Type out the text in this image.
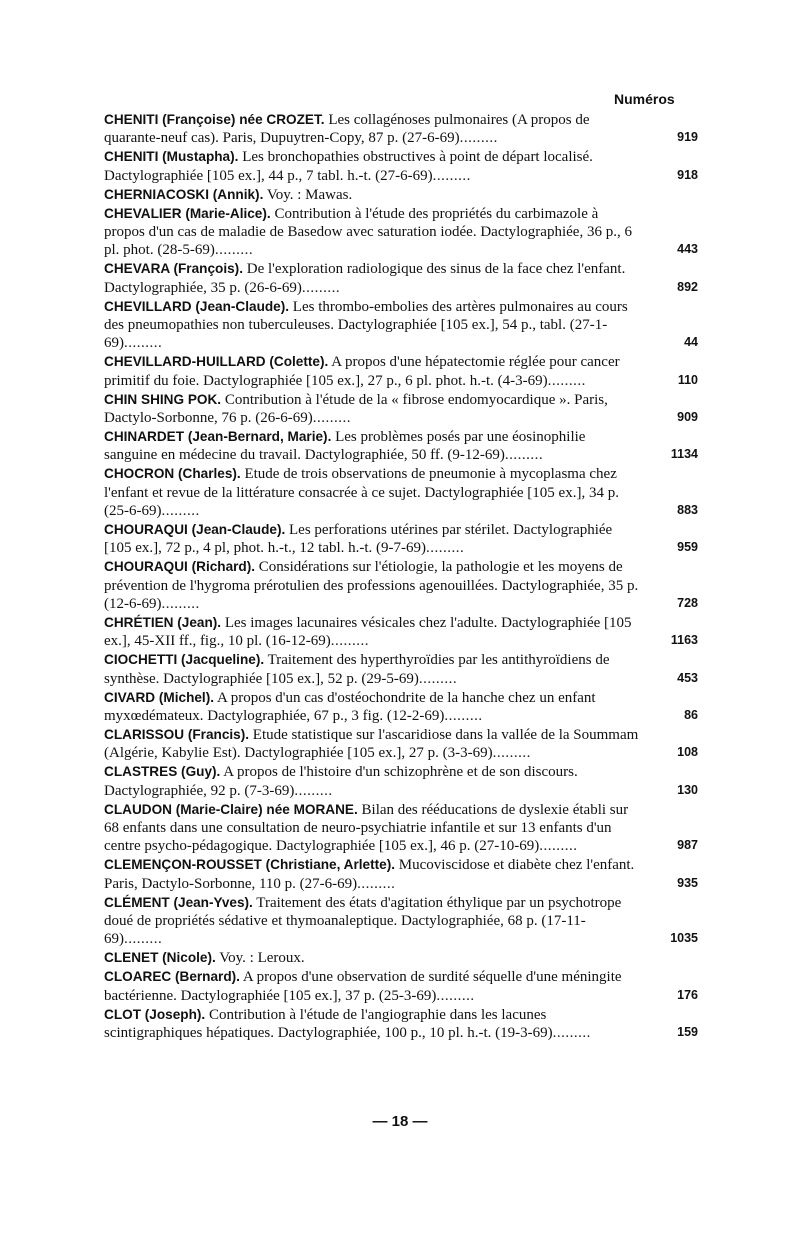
Numéros
CHENITI (Françoise) née CROZET. Les collagénoses pulmonaires (A propos de quarante-neuf cas). Paris, Dupuytren-Copy, 87 p. (27-6-69).........	919
CHENITI (Mustapha). Les bronchopathies obstructives à point de départ localisé. Dactylographiée [105 ex.], 44 p., 7 tabl. h.-t. (27-6-69).........	918
CHERNIACOSKI (Annik). Voy. : Mawas.
CHEVALIER (Marie-Alice). Contribution à l'étude des propriétés du carbimazole à propos d'un cas de maladie de Basedow avec saturation iodée. Dactylographiée, 36 p., 6 pl. phot. (28-5-69).........	443
CHEVARA (François). De l'exploration radiologique des sinus de la face chez l'enfant. Dactylographiée, 35 p. (26-6-69).........	892
CHEVILLARD (Jean-Claude). Les thrombo-embolies des artères pulmonaires au cours des pneumopathies non tuberculeuses. Dactylographiée [105 ex.], 54 p., tabl. (27-1-69).........	44
CHEVILLARD-HUILLARD (Colette). A propos d'une hépatectomie réglée pour cancer primitif du foie. Dactylographiée [105 ex.], 27 p., 6 pl. phot. h.-t. (4-3-69).........	110
CHIN SHING POK. Contribution à l'étude de la « fibrose endomyocardique ». Paris, Dactylo-Sorbonne, 76 p. (26-6-69).........	909
CHINARDET (Jean-Bernard, Marie). Les problèmes posés par une éosinophilie sanguine en médecine du travail. Dactylographiée, 50 ff. (9-12-69).........	1134
CHOCRON (Charles). Etude de trois observations de pneumonie à mycoplasma chez l'enfant et revue de la littérature consacrée à ce sujet. Dactylographiée [105 ex.], 34 p. (25-6-69).........	883
CHOURAQUI (Jean-Claude). Les perforations utérines par stérilet. Dactylographiée [105 ex.], 72 p., 4 pl, phot. h.-t., 12 tabl. h.-t. (9-7-69).........	959
CHOURAQUI (Richard). Considérations sur l'étiologie, la pathologie et les moyens de prévention de l'hygroma prérotulien des professions agenouillées. Dactylographiée, 35 p. (12-6-69).........	728
CHRÉTIEN (Jean). Les images lacunaires vésicales chez l'adulte. Dactylographiée [105 ex.], 45-XII ff., fig., 10 pl. (16-12-69).........	1163
CIOCHETTI (Jacqueline). Traitement des hyperthyroïdies par les antithyroïdiens de synthèse. Dactylographiée [105 ex.], 52 p. (29-5-69).........	453
CIVARD (Michel). A propos d'un cas d'ostéochondrite de la hanche chez un enfant myxœdémateux. Dactylographiée, 67 p., 3 fig. (12-2-69).........	86
CLARISSOU (Francis). Etude statistique sur l'ascaridiose dans la vallée de la Soummam (Algérie, Kabylie Est). Dactylographiée [105 ex.], 27 p. (3-3-69).........	108
CLASTRES (Guy). A propos de l'histoire d'un schizophrène et de son discours. Dactylographiée, 92 p. (7-3-69).........	130
CLAUDON (Marie-Claire) née MORANE. Bilan des rééducations de dyslexie établi sur 68 enfants dans une consultation de neuro-psychiatrie infantile et sur 13 enfants d'un centre psycho-pédagogique. Dactylographiée [105 ex.], 46 p. (27-10-69).........	987
CLEMENÇON-ROUSSET (Christiane, Arlette). Mucoviscidose et diabète chez l'enfant. Paris, Dactylo-Sorbonne, 110 p. (27-6-69).........	935
CLÉMENT (Jean-Yves). Traitement des états d'agitation éthylique par un psychotrope doué de propriétés sédative et thymoanaleptique. Dactylographiée, 68 p. (17-11-69).........	1035
CLENET (Nicole). Voy. : Leroux.
CLOAREC (Bernard). A propos d'une observation de surdité séquelle d'une méningite bactérienne. Dactylographiée [105 ex.], 37 p. (25-3-69).........	176
CLOT (Joseph). Contribution à l'étude de l'angiographie dans les lacunes scintigraphiques hépatiques. Dactylographiée, 100 p., 10 pl. h.-t. (19-3-69).........	159
— 18 —
